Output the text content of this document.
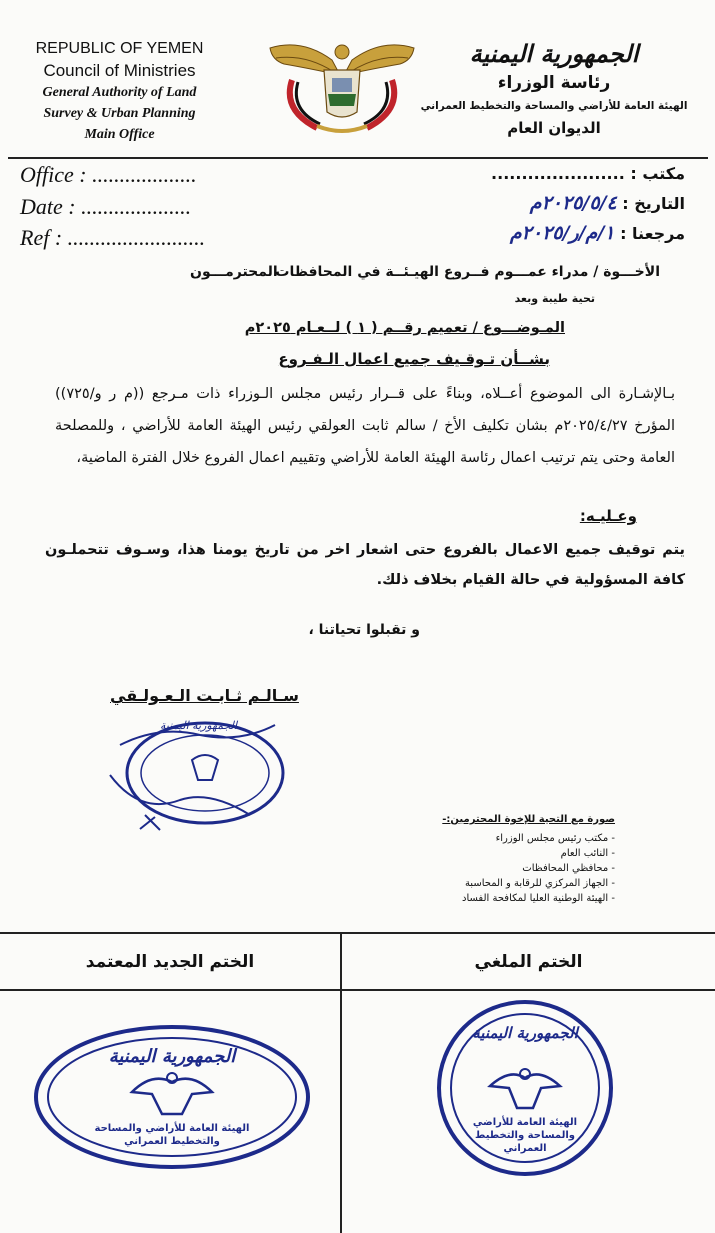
REPUBLIC OF YEMEN
Council of Ministries
General Authority of Land
Survey & Urban Planning
Main Office
الجمهورية اليمنية
رئاسة الوزراء
الهيئة العامة للأراضي والمساحة والتخطيط العمراني
الديوان العام
Office : ...................
Date : ....................
Ref : .........................
مكتب : ......................
التاريخ : ٢٠٢٥/٥/٤م
مرجعنا : ١/م/ر/٢٠٢٥م
الأخـــوة / مدراء عمـــوم فــروع الهيـئــة في المحافظات
المحترمـــون
تحية طيبة وبعد
المـوضـــوع / تعميم رقــم ( ١ ) لــعـام ٢٠٢٥م
بشــأن تـوقـيف جميع اعمال الـفـروع
بـالإشـارة الى الموضوع أعــلاه، وبناءً على قــرار رئيس مجلس الـوزراء ذات مـرجع ((م ر و/٧٢٥)) المؤرخ ٢٠٢٥/٤/٢٧م بشان تكليف الأخ / سالم ثابت العولقي رئيس الهيئة العامة للأراضي ، وللمصلحة العامة وحتى يتم ترتيب اعمال رئاسة الهيئة العامة للأراضي وتقييم اعمال الفروع خلال الفترة الماضية،
وعـليـه:
يتم توقيف جميع الاعمال بالفروع حتى اشعار اخر من تاريخ يومنا هذا، وسـوف تتحملـون كافة المسؤولية في حالة القيام بخلاف ذلك.
و تقبلوا تحياتنا ،
سـالـم ثـابـت الـعـولـقي
الجمهورية اليمنية
صورة مع التحية للإخوة المحترمين:-
- مكتب رئيس مجلس الوزراء
- النائب العام
- محافظي المحافظات
- الجهاز المركزي للرقابة و المحاسبة
- الهيئة الوطنية العليا لمكافحة الفساد
الختم الجديد المعتمد	الختم الملغي
الجمهورية اليمنية
الهيئة العامة للأراضي والمساحة والتخطيط العمراني
الجمهورية اليمنية
الهيئة العامة للأراضي والمساحة والتخطيط العمراني
